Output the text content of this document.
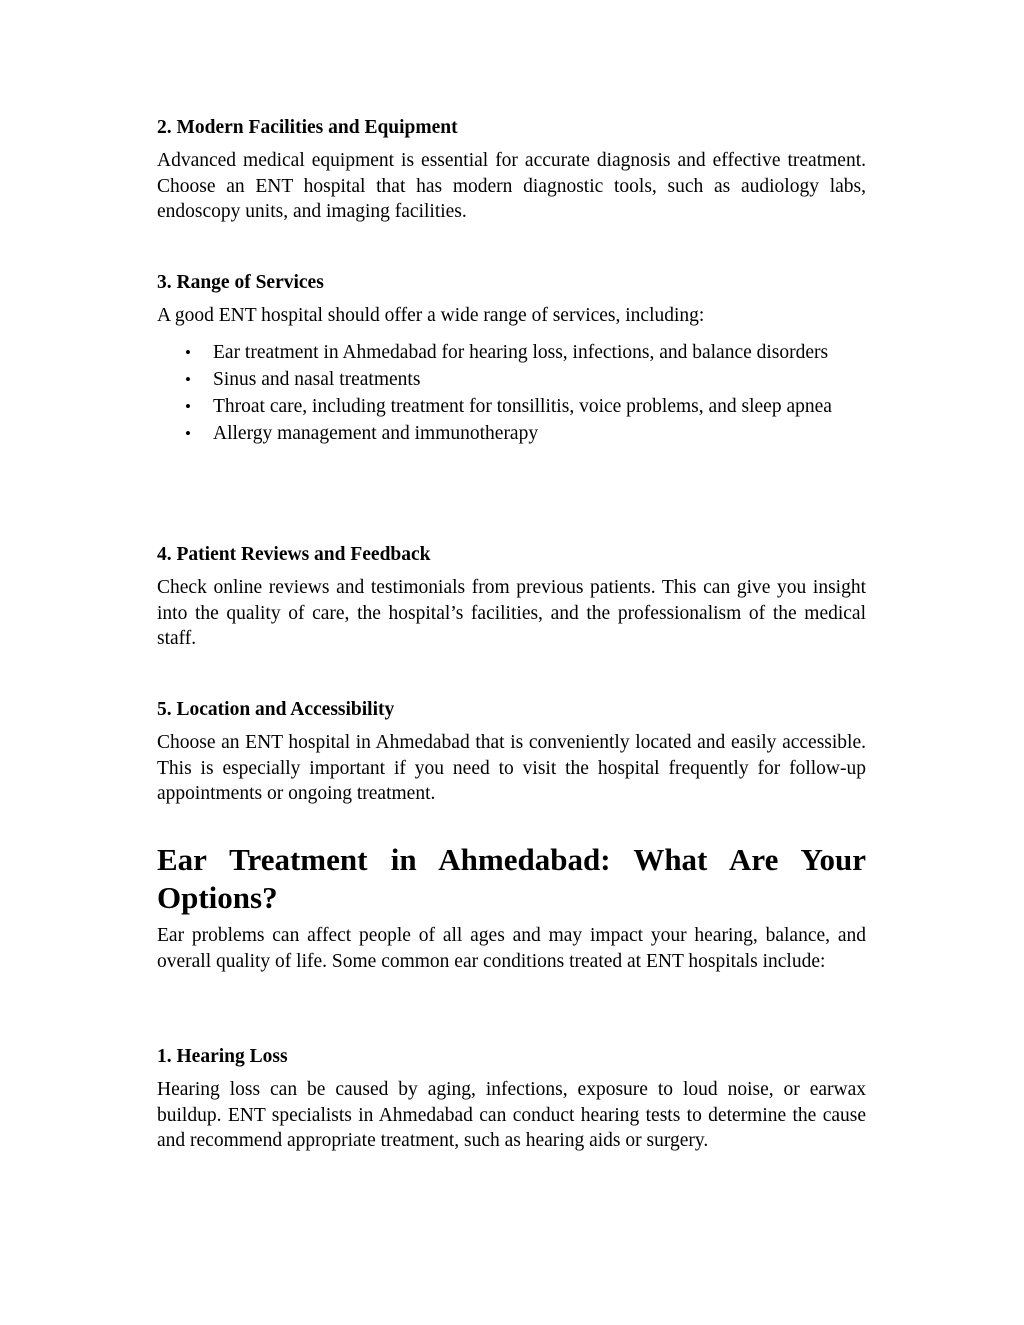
2. Modern Facilities and Equipment

Advanced medical equipment is essential for accurate diagnosis and effective treatment. Choose an ENT hospital that has modern diagnostic tools, such as audiology labs, endoscopy units, and imaging facilities.

3. Range of Services

A good ENT hospital should offer a wide range of services, including:

• Ear treatment in Ahmedabad for hearing loss, infections, and balance disorders
• Sinus and nasal treatments
• Throat care, including treatment for tonsillitis, voice problems, and sleep apnea
• Allergy management and immunotherapy
4. Patient Reviews and Feedback

Check online reviews and testimonials from previous patients. This can give you insight into the quality of care, the hospital’s facilities, and the professionalism of the medical staff.

5. Location and Accessibility

Choose an ENT hospital in Ahmedabad that is conveniently located and easily accessible. This is especially important if you need to visit the hospital frequently for follow-up appointments or ongoing treatment.

Ear Treatment in Ahmedabad: What Are Your Options?

Ear problems can affect people of all ages and may impact your hearing, balance, and overall quality of life. Some common ear conditions treated at ENT hospitals include:

1. Hearing Loss

Hearing loss can be caused by aging, infections, exposure to loud noise, or earwax buildup. ENT specialists in Ahmedabad can conduct hearing tests to determine the cause and recommend appropriate treatment, such as hearing aids or surgery.
